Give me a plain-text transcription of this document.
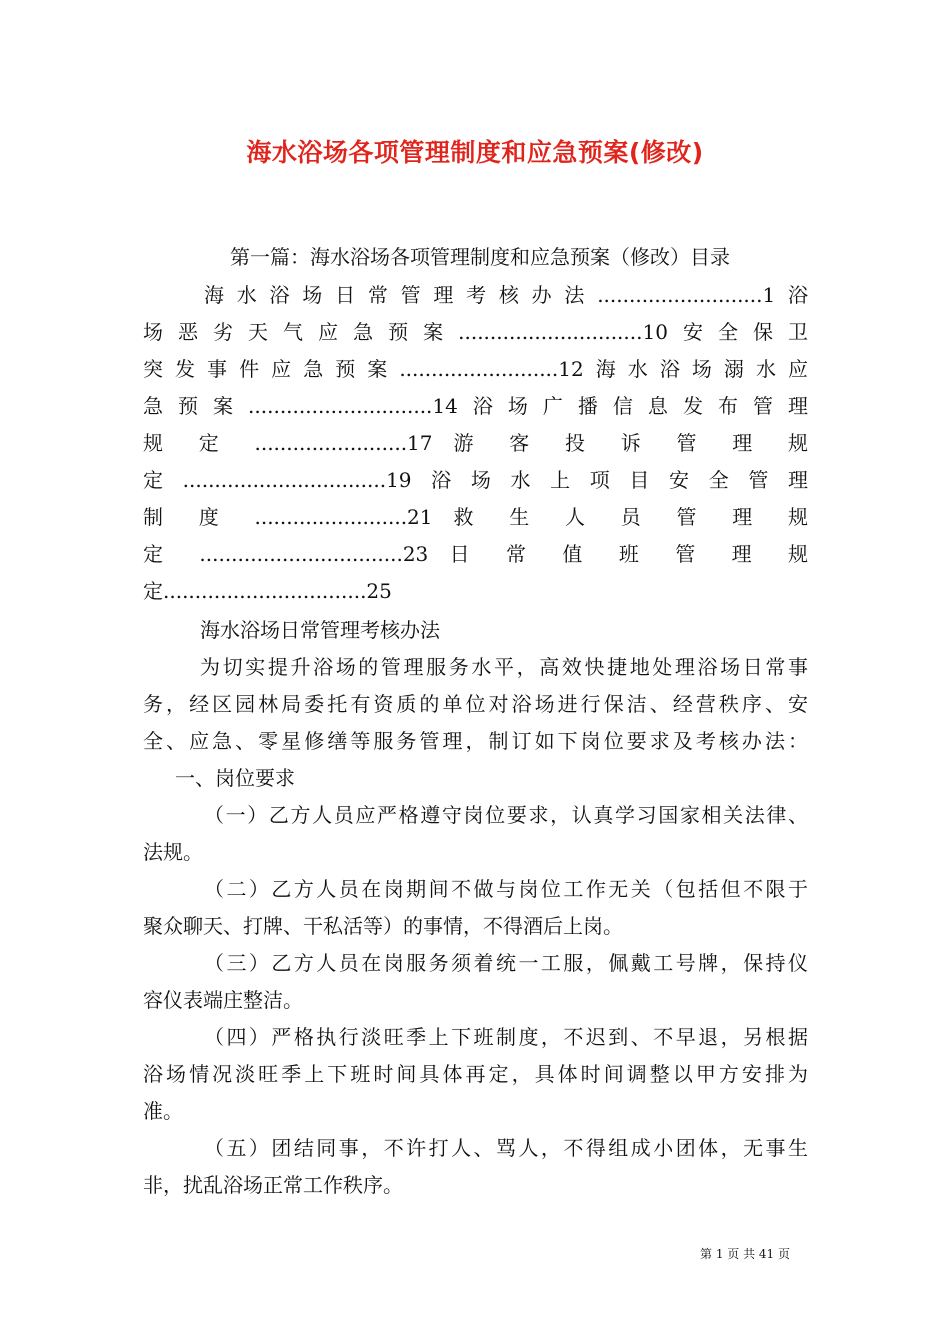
海水浴场各项管理制度和应急预案(修改)
第一篇：海水浴场各项管理制度和应急预案（修改）目录
海水浴场日常管理考核办法..........................1浴
场恶劣天气应急预案.............................10安全保卫
突发事件应急预案.........................12海水浴场溺水应
急预案.............................14浴场广播信息发布管理
规 定 ........................17 游 客 投 诉 管 理 规
定................................19浴场水上项目安全管理
制 度 ........................21 救 生 人 员 管 理 规
定 ................................23 日 常 值 班 管 理 规
定................................25
海水浴场日常管理考核办法
为切实提升浴场的管理服务水平，高效快捷地处理浴场日常事
务，经区园林局委托有资质的单位对浴场进行保洁、经营秩序、安
全、应急、零星修缮等服务管理，制订如下岗位要求及考核办法：
一、岗位要求
（一）乙方人员应严格遵守岗位要求，认真学习国家相关法律、
法规。
（二）乙方人员在岗期间不做与岗位工作无关（包括但不限于
聚众聊天、打牌、干私活等）的事情，不得酒后上岗。
（三）乙方人员在岗服务须着统一工服，佩戴工号牌，保持仪
容仪表端庄整洁。
（四）严格执行淡旺季上下班制度，不迟到、不早退，另根据
浴场情况淡旺季上下班时间具体再定，具体时间调整以甲方安排为
准。
（五）团结同事，不许打人、骂人，不得组成小团体，无事生
非，扰乱浴场正常工作秩序。
第 1 页 共 41 页
